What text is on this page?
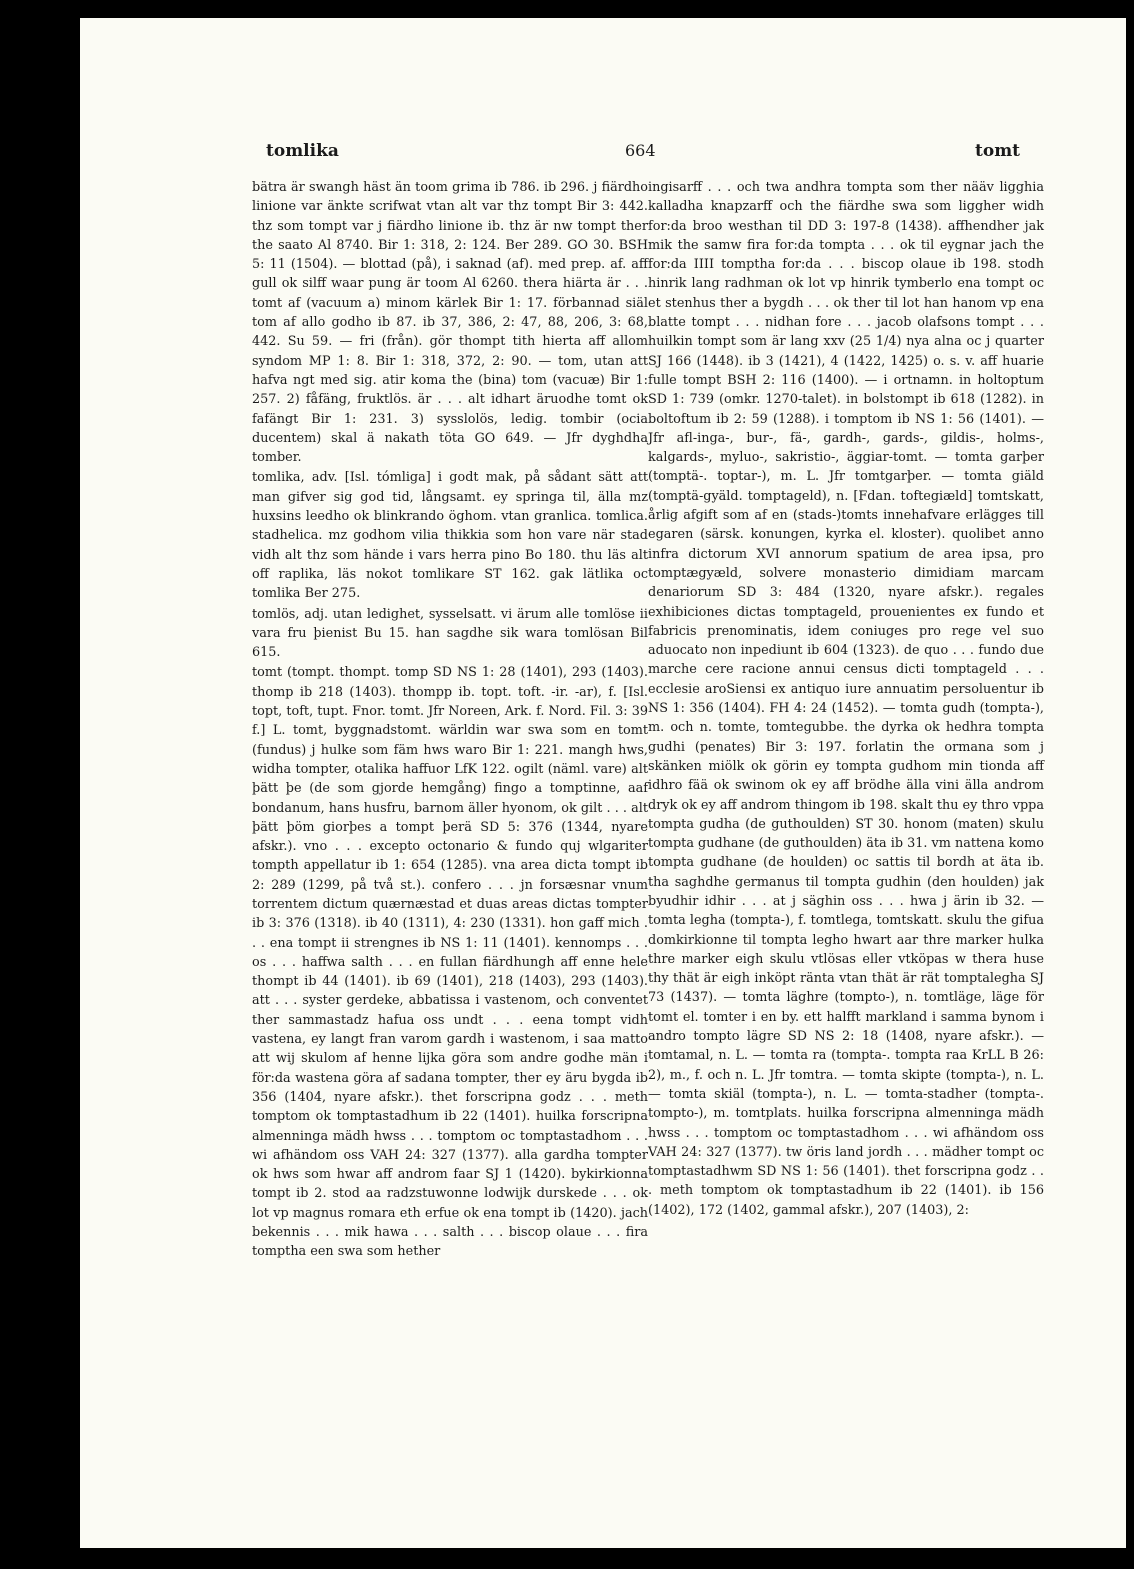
tomlika	664	tomt

bätra är swangh häst än toom grima ib 786. ib 296. j fiärdho linione var änkte scrifwat vtan alt var thz tompt Bir 3: 442. thz som tompt var j fiärdho linione ib. thz är nw tompt ther the saato Al 8740. Bir 1: 318, 2: 124. Ber 289. GO 30. BSH 5: 11 (1504). — blottad (på), i saknad (af). med prep. af. aff gull ok silff waar pung är toom Al 6260. thera hiärta är . . . tomt af (vacuum a) minom kärlek Bir 1: 17. förbannad siäl tom af allo godho ib 87. ib 37, 386, 2: 47, 88, 206, 3: 68, 442. Su 59. — fri (från). gör thompt tith hierta aff allom syndom MP 1: 8. Bir 1: 318, 372, 2: 90. — tom, utan att hafva ngt med sig. atir koma the (bina) tom (vacuæ) Bir 1: 257. 2) fåfäng, fruktlös. är . . . alt idhart äruodhe tomt ok fafängt Bir 1: 231. 3) sysslolös, ledig. tombir (ocia ducentem) skal ä nakath töta GO 649. — Jfr dyghdha tomber.

tomlika, adv. [Isl. tómliga] i godt mak, på sådant sätt att man gifver sig god tid, långsamt. ey springa til, älla mz huxsins leedho ok blinkrando öghom. vtan granlica. tomlica. stadhelica. mz godhom vilia thikkia som hon vare när stad vidh alt thz som hände i vars herra pino Bo 180. thu läs alt off raplika, läs nokot tomlikare ST 162. gak lätlika oc tomlika Ber 275.

tomlös, adj. utan ledighet, sysselsatt. vi ärum alle tomlöse ii vara fru þienist Bu 15. han sagdhe sik wara tomlösan Bil 615.

tomt (tompt. thompt. tomp SD NS 1: 28 (1401), 293 (1403). thomp ib 218 (1403). thompp ib. topt. toft. -ir. -ar), f. [Isl. topt, toft, tupt. Fnor. tomt. Jfr Noreen, Ark. f. Nord. Fil. 3: 39 f.] L. tomt, byggnadstomt. wärldin war swa som en tomt (fundus) j hulke som fäm hws waro Bir 1: 221. mangh hws, widha tompter, otalika haffuor LfK 122. ogilt (näml. vare) alt þätt þe (de som gjorde hemgång) fingo a tomptinne, aaf bondanum, hans husfru, barnom äller hyonom, ok gilt . . . alt þätt þöm giorþes a tompt þerä SD 5: 376 (1344, nyare afskr.). vno . . . excepto octonario & fundo quj wlgariter tompth appellatur ib 1: 654 (1285). vna area dicta tompt ib 2: 289 (1299, på två st.). confero . . . jn forsæsnar vnum torrentem dictum quærnæstad et duas areas dictas tompter ib 3: 376 (1318). ib 40 (1311), 4: 230 (1331). hon gaff mich . . . ena tompt ii strengnes ib NS 1: 11 (1401). kennomps . . . os . . . haffwa salth . . . en fullan fiärdhungh aff enne hele thompt ib 44 (1401). ib 69 (1401), 218 (1403), 293 (1403). att . . . syster gerdeke, abbatissa i vastenom, och conventet ther sammastadz hafua oss undt . . . eena tompt vidh vastena, ey langt fran varom gardh i wastenom, i saa matto att wij skulom af henne lijka göra som andre godhe män i för:da wastena göra af sadana tompter, ther ey äru bygda ib 356 (1404, nyare afskr.). thet forscripna godz . . . meth tomptom ok tomptastadhum ib 22 (1401). huilka forscripna almenninga mädh hwss . . . tomptom oc tomptastadhom . . . wi afhändom oss VAH 24: 327 (1377). alla gardha tompter ok hws som hwar aff androm faar SJ 1 (1420). bykirkionna tompt ib 2. stod aa radzstuwonne lodwijk durskede . . . ok lot vp magnus romara eth erfue ok ena tompt ib (1420). jach bekennis . . . mik hawa . . . salth . . . biscop olaue . . . fira tomptha een swa som hether

ingisarff . . . och twa andhra tompta som ther nääv ligghia kalladha knapzarff och the fiärdhe swa som liggher widh for:da broo westhan til DD 3: 197-8 (1438). affhendher jak mik the samw fira for:da tompta . . . ok til eygnar jach the for:da IIII tomptha for:da . . . biscop olaue ib 198. stodh hinrik lang radhman ok lot vp hinrik tymberlo ena tompt oc et stenhus ther a bygdh . . . ok ther til lot han hanom vp ena blatte tompt . . . nidhan fore . . . jacob olafsons tompt . . . huilkin tompt som är lang xxv (25 1/4) nya alna oc j quarter SJ 166 (1448). ib 3 (1421), 4 (1422, 1425) o. s. v. aff huarie fulle tompt BSH 2: 116 (1400). — i ortnamn. in holtoptum SD 1: 739 (omkr. 1270-talet). in bolstompt ib 618 (1282). in boltoftum ib 2: 59 (1288). i tomptom ib NS 1: 56 (1401). — Jfr afl-inga-, bur-, fä-, gardh-, gards-, gildis-, holms-, kalgards-, myluo-, sakristio-, äggiar-tomt. — tomta garþer (tomptä-. toptar-), m. L. Jfr tomtgarþer. — tomta giäld (tomptä-gyäld. tomptageld), n. [Fdan. toftegiæld] tomtskatt, årlig afgift som af en (stads-)tomts innehafvare erlägges till egaren (särsk. konungen, kyrka el. kloster). quolibet anno infra dictorum XVI annorum spatium de area ipsa, pro tomptægyæld, solvere monasterio dimidiam marcam denariorum SD 3: 484 (1320, nyare afskr.). regales exhibiciones dictas tomptageld, prouenientes ex fundo et fabricis prenominatis, idem coniuges pro rege vel suo aduocato non inpediunt ib 604 (1323). de quo . . . fundo due marche cere racione annui census dicti tomptageld . . . ecclesie aroSiensi ex antiquo iure annuatim persoluentur ib NS 1: 356 (1404). FH 4: 24 (1452). — tomta gudh (tompta-), m. och n. tomte, tomtegubbe. the dyrka ok hedhra tompta gudhi (penates) Bir 3: 197. forlatin the ormana som j skänken miölk ok görin ey tompta gudhom min tionda aff idhro fää ok swinom ok ey aff brödhe älla vini älla androm dryk ok ey aff androm thingom ib 198. skalt thu ey thro vppa tompta gudha (de guthoulden) ST 30. honom (maten) skulu tompta gudhane (de guthoulden) äta ib 31. vm nattena komo tompta gudhane (de houlden) oc sattis til bordh at äta ib. tha saghdhe germanus til tompta gudhin (den houlden) jak byudhir idhir . . . at j säghin oss . . . hwa j ärin ib 32. — tomta legha (tompta-), f. tomtlega, tomtskatt. skulu the gifua domkirkionne til tompta legho hwart aar thre marker hulka thre marker eigh skulu vtlösas eller vtköpas w thera huse thy thät är eigh inköpt ränta vtan thät är rät tomptalegha SJ 73 (1437). — tomta läghre (tompto-), n. tomtläge, läge för tomt el. tomter i en by. ett halfft markland i samma bynom i andro tompto lägre SD NS 2: 18 (1408, nyare afskr.). — tomtamal, n. L. — tomta ra (tompta-. tompta raa KrLL B 26: 2), m., f. och n. L. Jfr tomtra. — tomta skipte (tompta-), n. L. — tomta skiäl (tompta-), n. L. — tomta-stadher (tompta-. tompto-), m. tomtplats. huilka forscripna almenninga mädh hwss . . . tomptom oc tomptastadhom . . . wi afhändom oss VAH 24: 327 (1377). tw öris land jordh . . . mädher tompt oc tomptastadhwm SD NS 1: 56 (1401). thet forscripna godz . . . meth tomptom ok tomptastadhum ib 22 (1401). ib 156 (1402), 172 (1402, gammal afskr.), 207 (1403), 2:
